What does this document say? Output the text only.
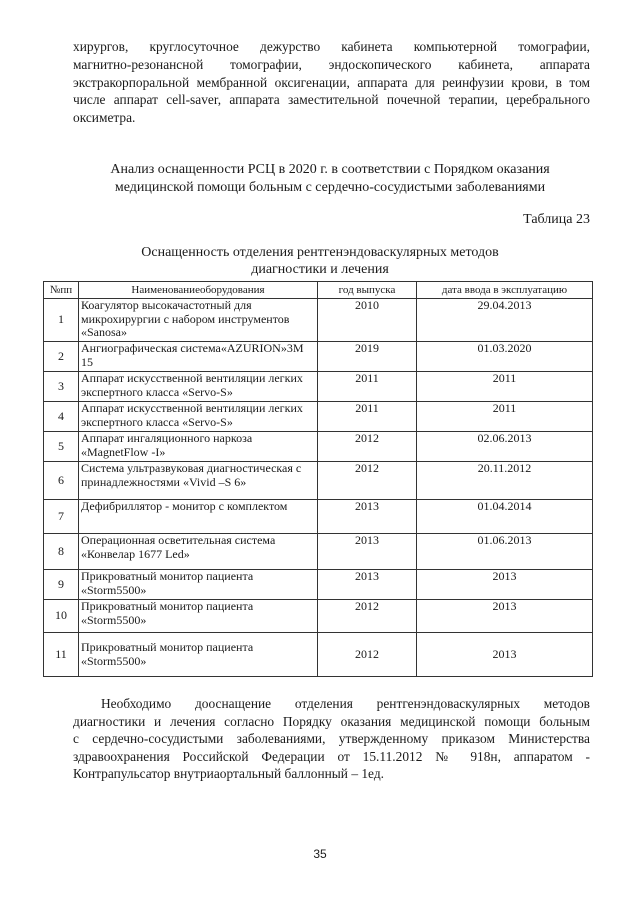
хирургов, круглосуточное дежурство кабинета компьютерной томографии,
магнитно-резонансной томографии, эндоскопического кабинета, аппарата
экстракорпоральной мембранной оксигенации, аппарата для реинфузии крови, в том
числе аппарат cell-saver, аппарата заместительной почечной терапии, церебрального
оксиметра.
Анализ оснащенности РСЦ в 2020 г. в соответствии с Порядком оказания
медицинской помощи больным с сердечно-сосудистыми заболеваниями
Таблица 23
Оснащенность отделения рентгенэндоваскулярных методов
диагностики и лечения
№пп	Наименованиеоборудования	год выпуска	дата ввода в эксплуатацию
1	Коагулятор высокачастотный для микрохирургии с набором инструментов «Sanosa»	2010	29.04.2013
2	Ангиографическая система«AZURION»3M 15	2019	01.03.2020
3	Аппарат искусственной вентиляции легких экспертного класса «Servo-S»	2011	2011
4	Аппарат искусственной вентиляции легких экспертного класса «Servo-S»	2011	2011
5	Аппарат ингаляционного наркоза «MagnetFlow -I»	2012	02.06.2013
6	Система ультразвуковая диагностическая с принадлежностями «Vivid –S 6»	2012	20.11.2012
7	Дефибриллятор - монитор с комплектом	2013	01.04.2014
8	Операционная осветительная система «Конвелар 1677 Led»	2013	01.06.2013
9	Прикроватный монитор пациента «Storm5500»	2013	2013
10	Прикроватный монитор пациента «Storm5500»	2012	2013
11	Прикроватный монитор пациента «Storm5500»	2012	2013
Необходимо дооснащение отделения рентгенэндоваскулярных методов
диагностики и лечения согласно Порядку оказания медицинской помощи больным
с сердечно-сосудистыми заболеваниями, утвержденному приказом Министерства
здравоохранения Российской Федерации от 15.11.2012 № 918н, аппаратом -
Контрапульсатор внутриаортальный баллонный – 1ед.
35
